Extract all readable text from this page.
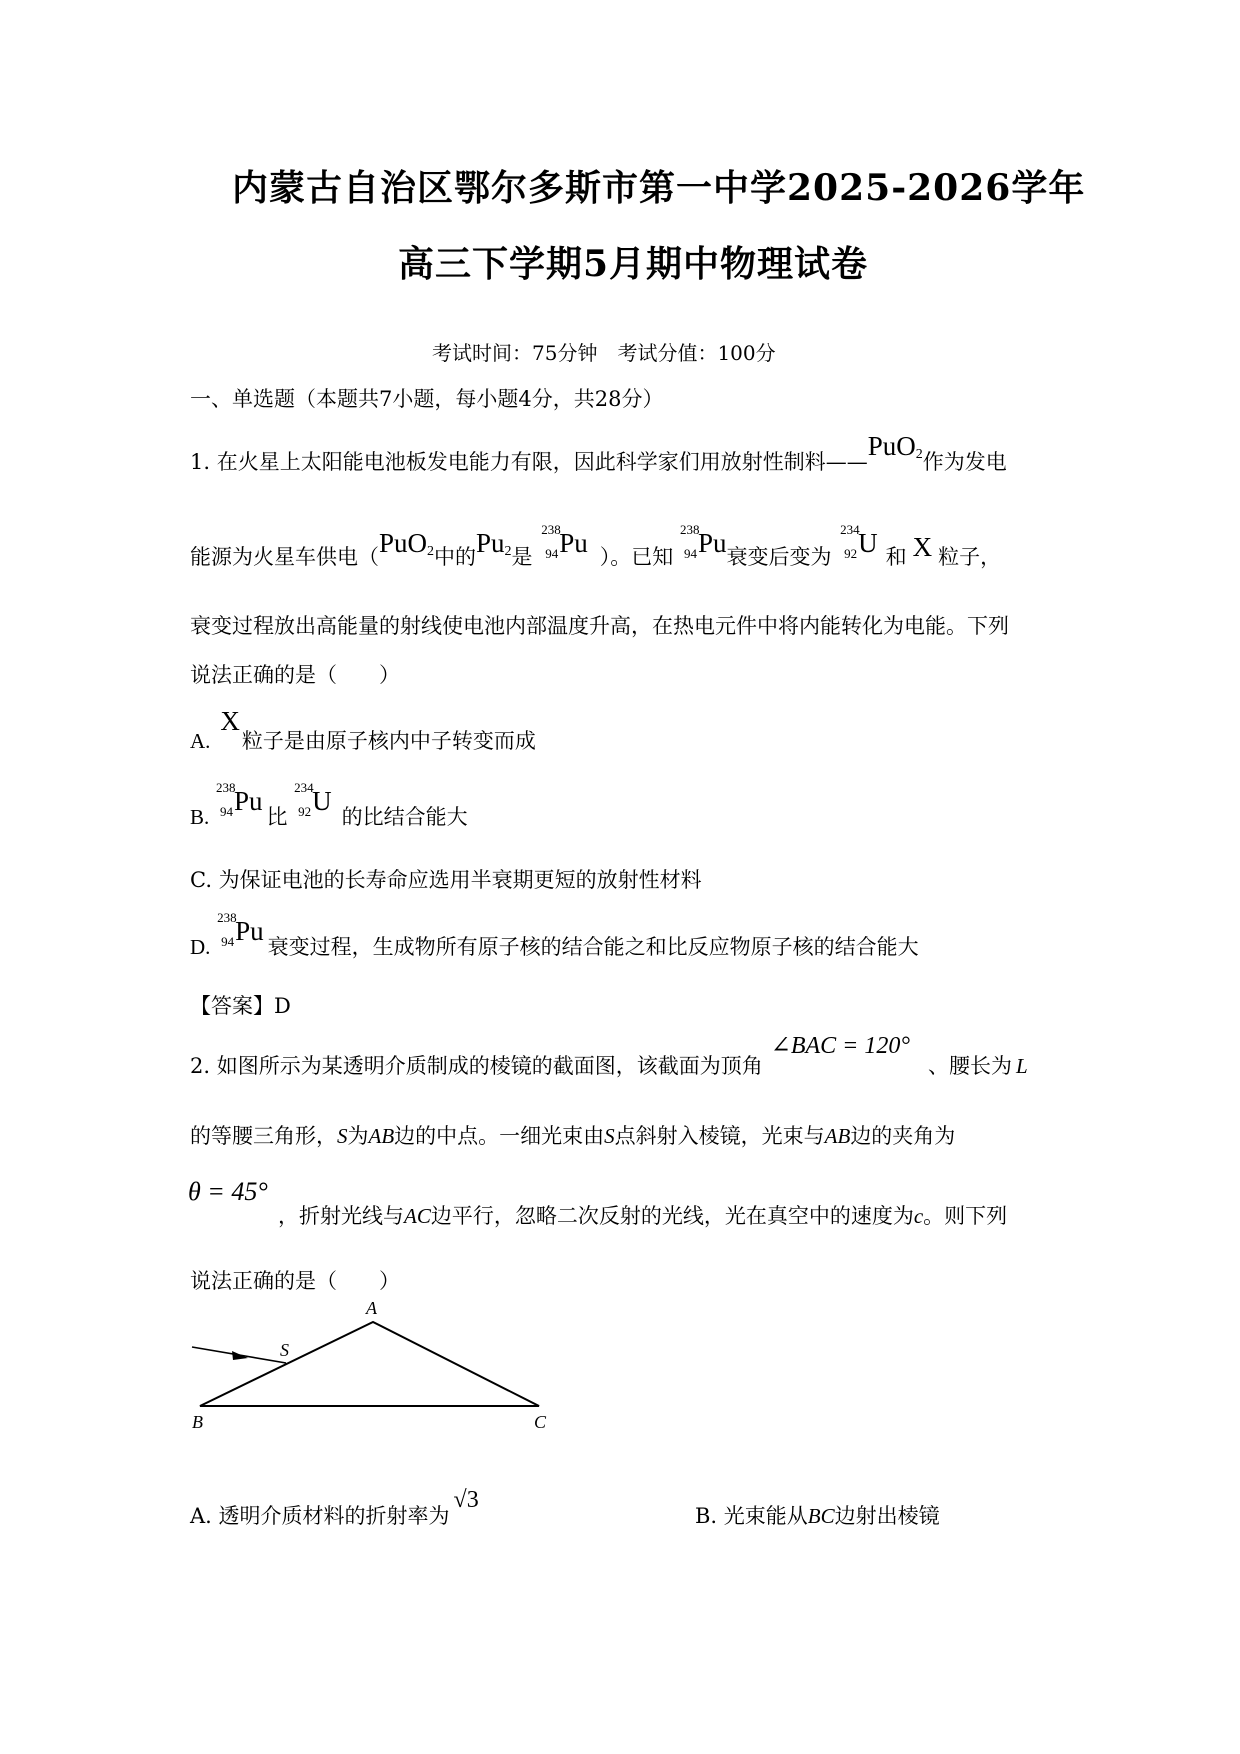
内蒙古自治区鄂尔多斯市第一中学2025-2026学年
高三下学期5月期中物理试卷
考试时间：75分钟　考试分值：100分
一、单选题（本题共7小题，每小题4分，共28分）
1. 在火星上太阳能电池板发电能力有限，因此科学家们用放射性制料——PuO$_2$作为发电
能源为火星车供电（PuO$_2$中的$Pu_2$是
238
94 Pu ）。已知
238
94 Pu衰变后变为
234
92 U 和 X 粒子，
衰变过程放出高能量的射线使电池内部温度升高，在热电元件中将内能转化为电能。下列
说法正确的是（　　）
A.X粒子是由原子核内中子转变而成
B.
238
94 Pu比
234
92 U的比结合能大
C. 为保证电池的长寿命应选用半衰期更短的放射性材料
D.
238
94 Pu衰变过程，生成物所有原子核的结合能之和比反应物原子核的结合能大
【答案】D
2. 如图所示为某透明介质制成的棱镜的截面图，该截面为顶角∠BAC = 120°、腰长为 L
的等腰三角形，S为AB边的中点。一细光束由S点斜射入棱镜，光束与AB边的夹角为
θ = 45°
，折射光线与AC边平行，忽略二次反射的光线，光在真空中的速度为c。则下列
说法正确的是（　　）
A
B	C
S
A. 透明介质材料的折射率为√3
B. 光束能从BC边射出棱镜
